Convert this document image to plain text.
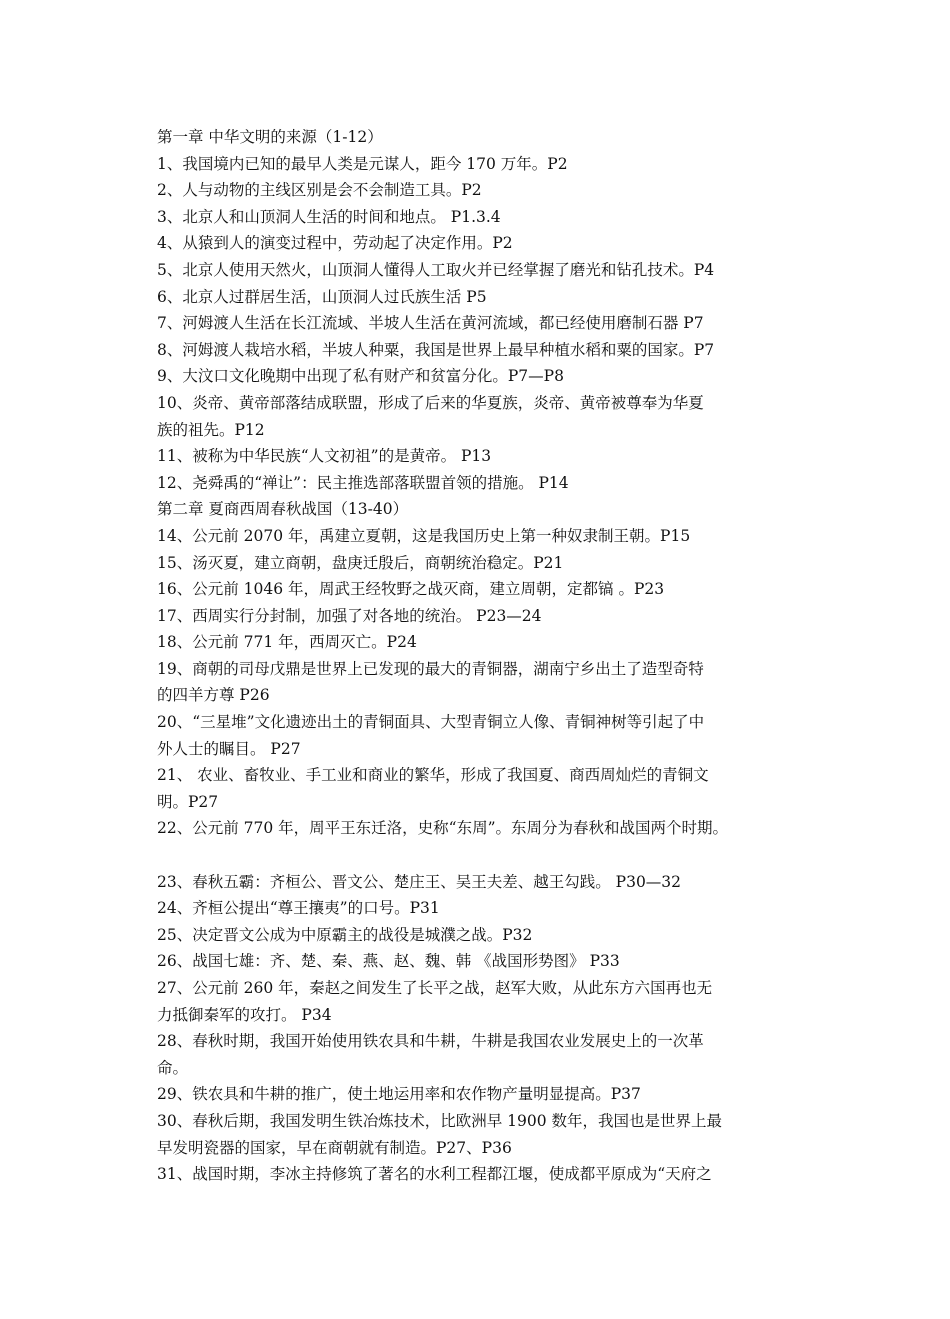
第一章 中华文明的来源（1-12）
1、我国境内已知的最早人类是元谋人，距今 170 万年。P2
2、人与动物的主线区别是会不会制造工具。P2
3、北京人和山顶洞人生活的时间和地点。 P1.3.4
4、从猿到人的演变过程中，劳动起了决定作用。P2
5、北京人使用天然火，山顶洞人懂得人工取火并已经掌握了磨光和钻孔技术。P4
6、北京人过群居生活，山顶洞人过氏族生活 P5
7、河姆渡人生活在长江流域、半坡人生活在黄河流域，都已经使用磨制石器 P7
8、河姆渡人栽培水稻，半坡人种粟，我国是世界上最早种植水稻和粟的国家。P7
9、大汶口文化晚期中出现了私有财产和贫富分化。P7—P8
10、炎帝、黄帝部落结成联盟，形成了后来的华夏族，炎帝、黄帝被尊奉为华夏
族的祖先。P12
11、被称为中华民族“人文初祖”的是黄帝。 P13
12、尧舜禹的“禅让”：民主推选部落联盟首领的措施。 P14
第二章 夏商西周春秋战国（13-40）
14、公元前 2070 年，禹建立夏朝，这是我国历史上第一种奴隶制王朝。P15
15、汤灭夏，建立商朝，盘庚迁殷后，商朝统治稳定。P21
16、公元前 1046 年，周武王经牧野之战灭商，建立周朝，定都镐 。P23
17、西周实行分封制，加强了对各地的统治。 P23—24
18、公元前 771 年，西周灭亡。P24
19、商朝的司母戊鼎是世界上已发现的最大的青铜器，湖南宁乡出土了造型奇特
的四羊方尊 P26
20、“三星堆”文化遗迹出土的青铜面具、大型青铜立人像、青铜神树等引起了中
外人士的瞩目。 P27
21、 农业、畜牧业、手工业和商业的繁华，形成了我国夏、商西周灿烂的青铜文
明。P27
22、公元前 770 年，周平王东迁洛，史称“东周”。东周分为春秋和战国两个时期。
23、春秋五霸：齐桓公、晋文公、楚庄王、吴王夫差、越王勾践。 P30—32
24、齐桓公提出“尊王攘夷”的口号。P31
25、决定晋文公成为中原霸主的战役是城濮之战。P32
26、战国七雄：齐、楚、秦、燕、赵、魏、韩 《战国形势图》 P33
27、公元前 260 年，秦赵之间发生了长平之战，赵军大败，从此东方六国再也无
力抵御秦军的攻打。 P34
28、春秋时期，我国开始使用铁农具和牛耕，牛耕是我国农业发展史上的一次革
命。
29、铁农具和牛耕的推广，使土地运用率和农作物产量明显提高。P37
30、春秋后期，我国发明生铁冶炼技术，比欧洲早 1900 数年，我国也是世界上最
早发明瓷器的国家，早在商朝就有制造。P27、P36
31、战国时期，李冰主持修筑了著名的水利工程都江堰，使成都平原成为“天府之
